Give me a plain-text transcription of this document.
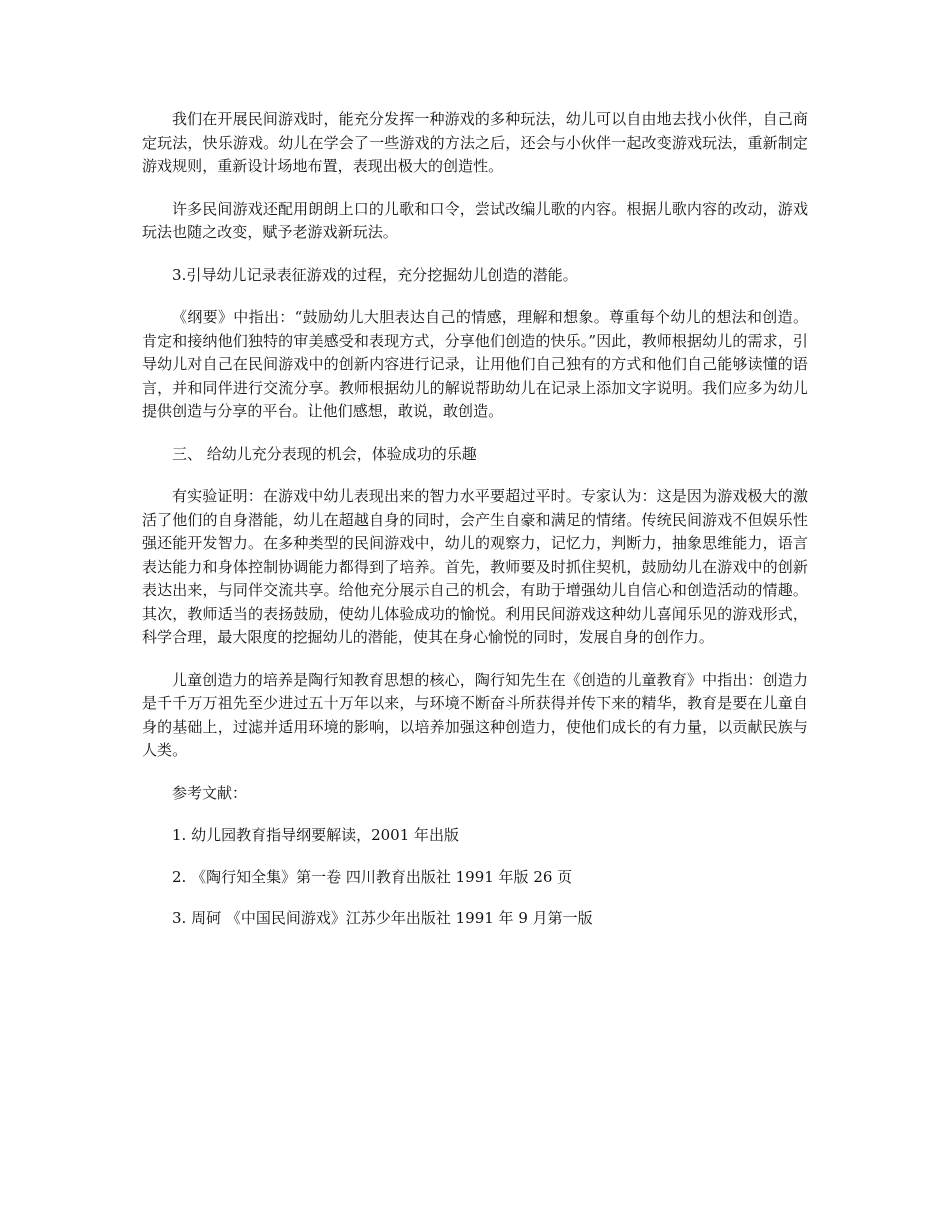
我们在开展民间游戏时，能充分发挥一种游戏的多种玩法，幼儿可以自由地去找小伙伴，自己商定玩法，快乐游戏。幼儿在学会了一些游戏的方法之后，还会与小伙伴一起改变游戏玩法，重新制定游戏规则，重新设计场地布置，表现出极大的创造性。

许多民间游戏还配用朗朗上口的儿歌和口令，尝试改编儿歌的内容。根据儿歌内容的改动，游戏玩法也随之改变，赋予老游戏新玩法。

3.引导幼儿记录表征游戏的过程，充分挖掘幼儿创造的潜能。

《纲要》中指出：“鼓励幼儿大胆表达自己的情感，理解和想象。尊重每个幼儿的想法和创造。肯定和接纳他们独特的审美感受和表现方式，分享他们创造的快乐。”因此，教师根据幼儿的需求，引导幼儿对自己在民间游戏中的创新内容进行记录，让用他们自己独有的方式和他们自己能够读懂的语言，并和同伴进行交流分享。教师根据幼儿的解说帮助幼儿在记录上添加文字说明。我们应多为幼儿提供创造与分享的平台。让他们感想，敢说，敢创造。

三、 给幼儿充分表现的机会，体验成功的乐趣

有实验证明：在游戏中幼儿表现出来的智力水平要超过平时。专家认为：这是因为游戏极大的激活了他们的自身潜能，幼儿在超越自身的同时，会产生自豪和满足的情绪。传统民间游戏不但娱乐性强还能开发智力。在多种类型的民间游戏中，幼儿的观察力，记忆力，判断力，抽象思维能力，语言表达能力和身体控制协调能力都得到了培养。首先，教师要及时抓住契机，鼓励幼儿在游戏中的创新表达出来，与同伴交流共享。给他充分展示自己的机会，有助于增强幼儿自信心和创造活动的情趣。其次，教师适当的表扬鼓励，使幼儿体验成功的愉悦。利用民间游戏这种幼儿喜闻乐见的游戏形式，科学合理，最大限度的挖掘幼儿的潜能，使其在身心愉悦的同时，发展自身的创作力。

儿童创造力的培养是陶行知教育思想的核心，陶行知先生在《创造的儿童教育》中指出：创造力是千千万万祖先至少进过五十万年以来，与环境不断奋斗所获得并传下来的精华，教育是要在儿童自身的基础上，过滤并适用环境的影响，以培养加强这种创造力，使他们成长的有力量，以贡献民族与人类。

参考文献：

1. 幼儿园教育指导纲要解读，2001 年出版

2. 《陶行知全集》第一卷 四川教育出版社 1991 年版 26 页

3. 周砢 《中国民间游戏》江苏少年出版社 1991 年 9 月第一版
